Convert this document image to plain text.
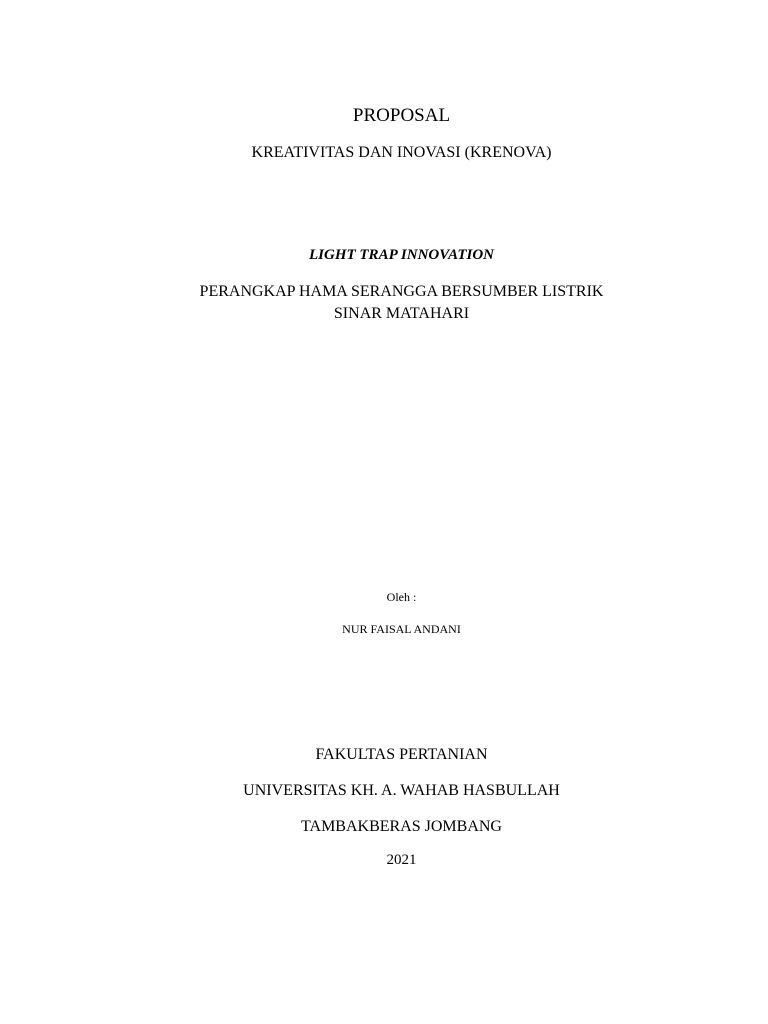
PROPOSAL
KREATIVITAS DAN INOVASI (KRENOVA)
LIGHT TRAP INNOVATION
PERANGKAP HAMA SERANGGA BERSUMBER LISTRIK
SINAR MATAHARI
Oleh :
NUR FAISAL ANDANI
FAKULTAS PERTANIAN
UNIVERSITAS KH. A. WAHAB HASBULLAH
TAMBAKBERAS JOMBANG
2021
